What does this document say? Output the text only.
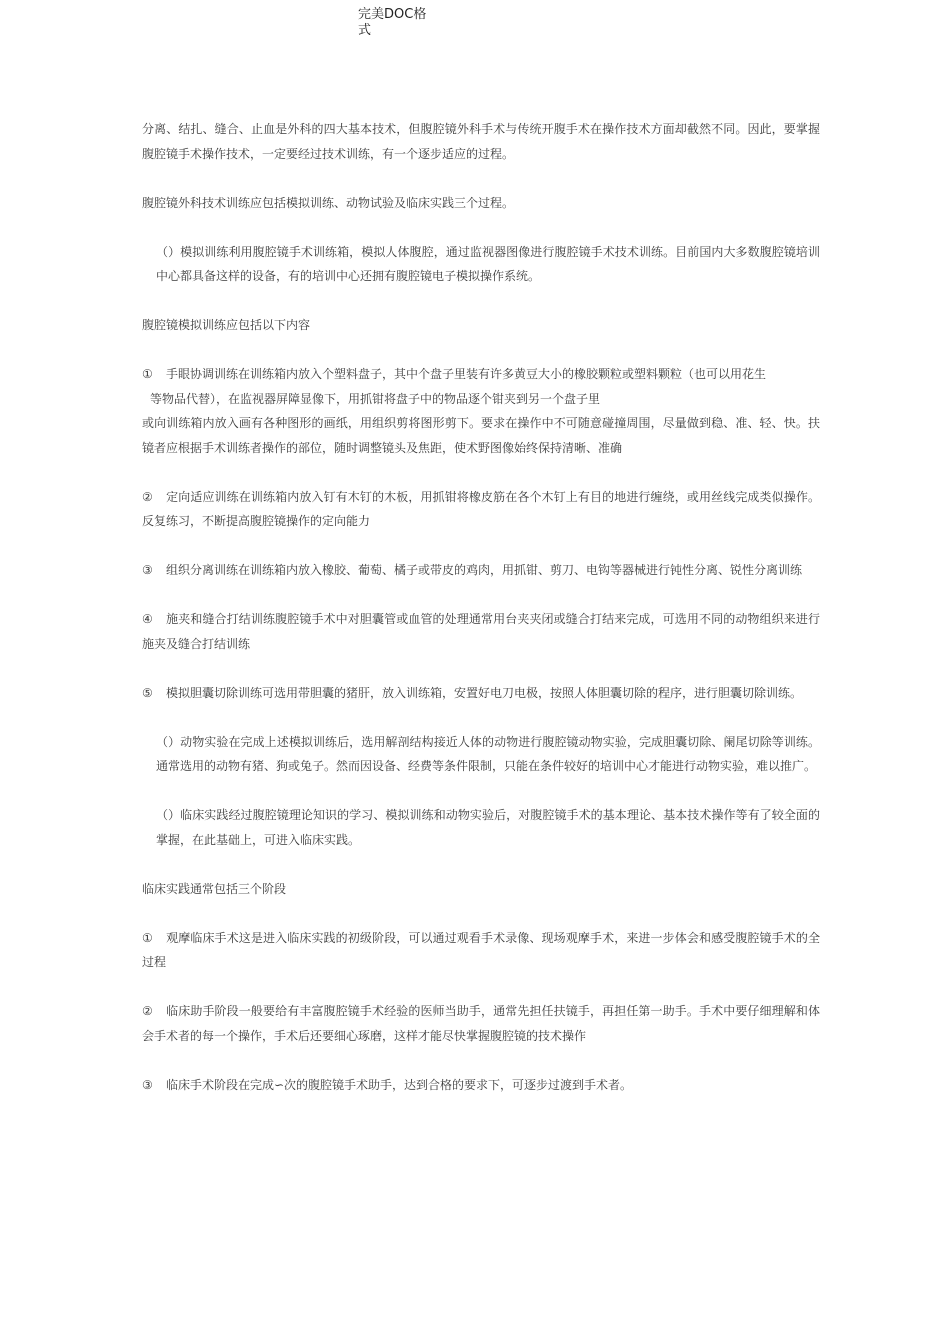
完美DOC格
式

分离、结扎、缝合、止血是外科的四大基本技术，但腹腔镜外科手术与传统开腹手术在操作技术方面却截然不同。因此，要掌握腹腔镜手术操作技术，一定要经过技术训练，有一个逐步适应的过程。

腹腔镜外科技术训练应包括模拟训练、动物试验及临床实践三个过程。

（）模拟训练利用腹腔镜手术训练箱，模拟人体腹腔，通过监视器图像进行腹腔镜手术技术训练。目前国内大多数腹腔镜培训中心都具备这样的设备，有的培训中心还拥有腹腔镜电子模拟操作系统。

腹腔镜模拟训练应包括以下内容

① 手眼协调训练在训练箱内放入个塑料盘子，其中个盘子里装有许多黄豆大小的橡胶颗粒或塑料颗粒（也可以用花生
等物品代替），在监视器屏障显像下，用抓钳将盘子中的物品逐个钳夹到另一个盘子里
或向训练箱内放入画有各种图形的画纸，用组织剪将图形剪下。要求在操作中不可随意碰撞周围，尽量做到稳、准、轻、快。扶镜者应根据手术训练者操作的部位，随时调整镜头及焦距，使术野图像始终保持清晰、准确
② 定向适应训练在训练箱内放入钉有木钉的木板，用抓钳将橡皮筋在各个木钉上有目的地进行缠绕，或用丝线完成类似操作。反复练习，不断提高腹腔镜操作的定向能力
③ 组织分离训练在训练箱内放入橡胶、葡萄、橘子或带皮的鸡肉，用抓钳、剪刀、电钩等器械进行钝性分离、锐性分离训练
④ 施夹和缝合打结训练腹腔镜手术中对胆囊管或血管的处理通常用台夹夹闭或缝合打结来完成，可选用不同的动物组织来进行施夹及缝合打结训练
⑤ 模拟胆囊切除训练可选用带胆囊的猪肝，放入训练箱，安置好电刀电极，按照人体胆囊切除的程序，进行胆囊切除训练。

（）动物实验在完成上述模拟训练后，选用解剖结构接近人体的动物进行腹腔镜动物实验，完成胆囊切除、阑尾切除等训练。通常选用的动物有猪、狗或兔子。然而因设备、经费等条件限制，只能在条件较好的培训中心才能进行动物实验，难以推广。

（）临床实践经过腹腔镜理论知识的学习、模拟训练和动物实验后，对腹腔镜手术的基本理论、基本技术操作等有了较全面的掌握，在此基础上，可进入临床实践。

临床实践通常包括三个阶段

① 观摩临床手术这是进入临床实践的初级阶段，可以通过观看手术录像、现场观摩手术，来进一步体会和感受腹腔镜手术的全过程
② 临床助手阶段一般要给有丰富腹腔镜手术经验的医师当助手，通常先担任扶镜手，再担任第一助手。手术中要仔细理解和体会手术者的每一个操作，手术后还要细心琢磨，这样才能尽快掌握腹腔镜的技术操作
③ 临床手术阶段在完成∽次的腹腔镜手术助手，达到合格的要求下，可逐步过渡到手术者。
